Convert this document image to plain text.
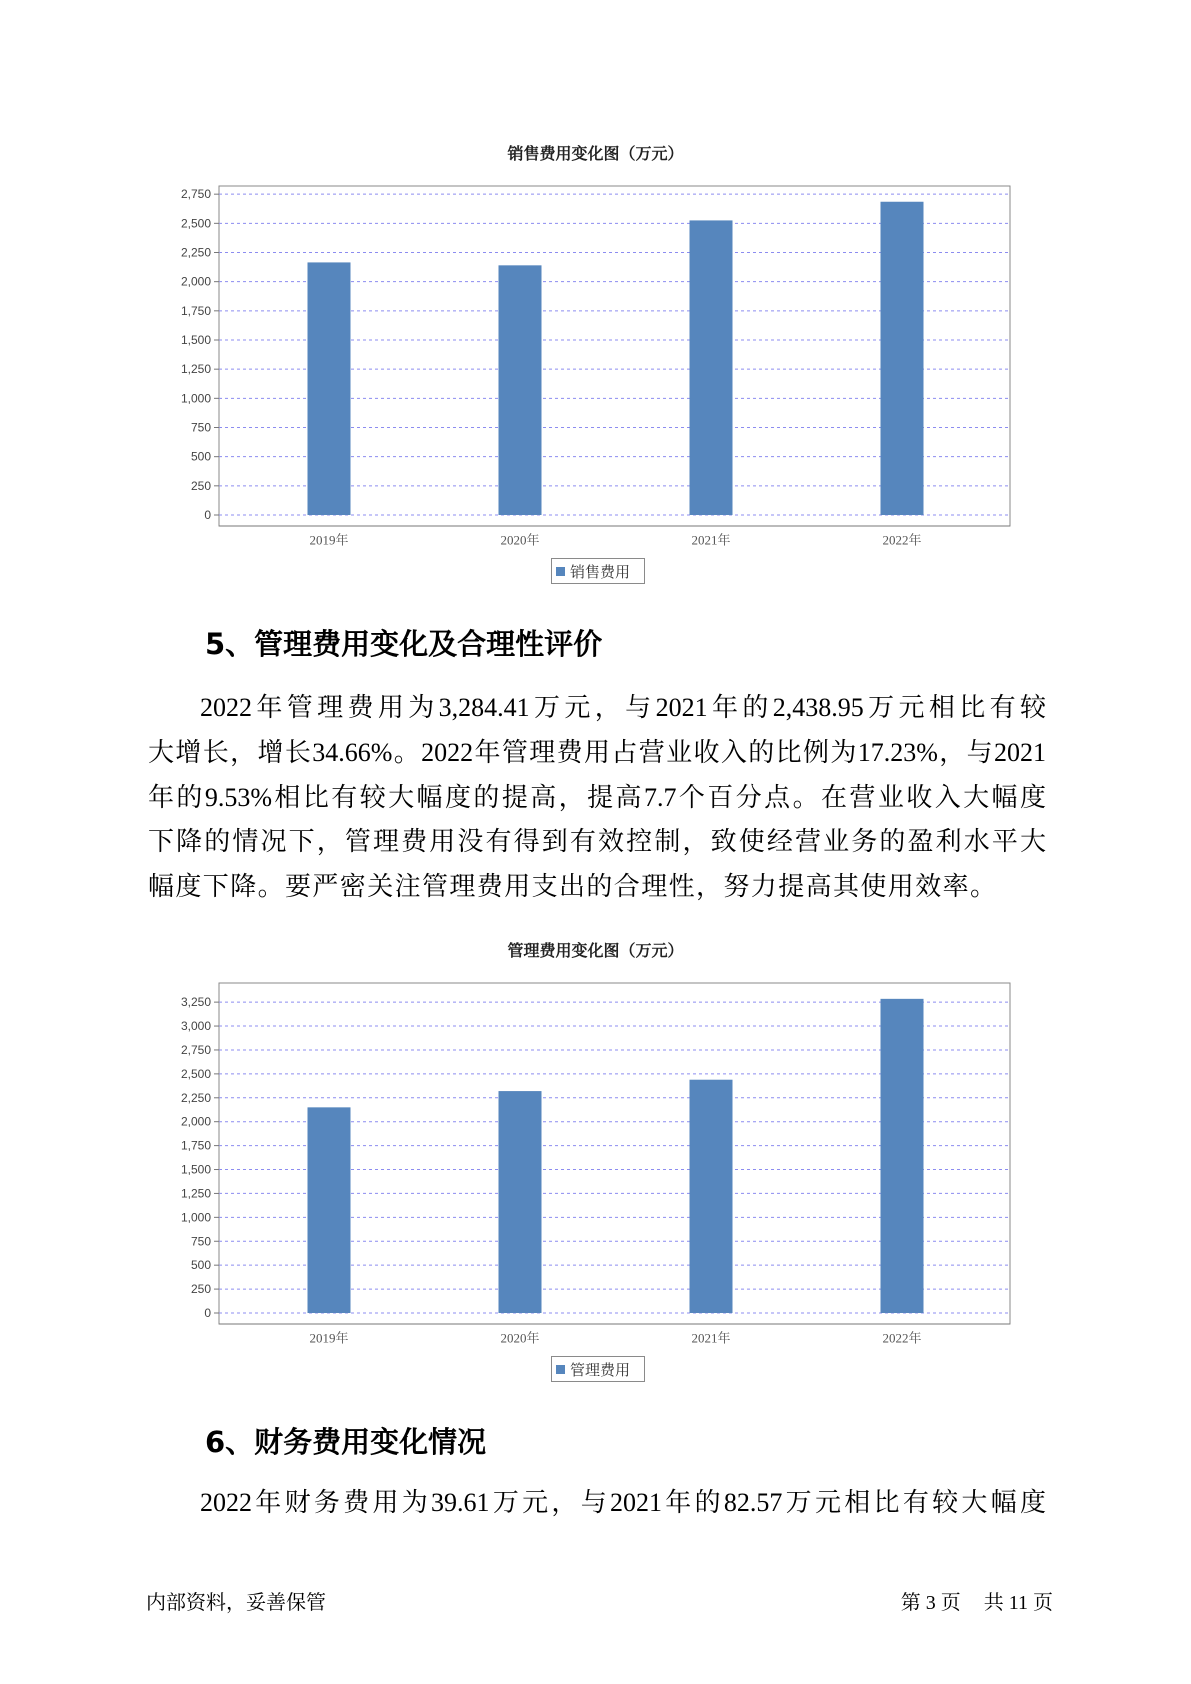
销售费用变化图（万元）
0
250
500
750
1,000
1,250
1,500
1,750
2,000
2,250
2,500
2,750
2019年	2020年	2021年	2022年
销售费用
5、管理费用变化及合理性评价
2022年管理费用为3,284.41万元，与2021年的2,438.95万元相比有较
大增长，增长34.66%。2022年管理费用占营业收入的比例为17.23%，与2021
年的9.53%相比有较大幅度的提高，提高7.7个百分点。在营业收入大幅度
下降的情况下，管理费用没有得到有效控制，致使经营业务的盈利水平大
幅度下降。要严密关注管理费用支出的合理性，努力提高其使用效率。
管理费用变化图（万元）
0
250
500
750
1,000
1,250
1,500
1,750
2,000
2,250
2,500
2,750
3,000
3,250
2019年	2020年	2021年	2022年
管理费用
6、财务费用变化情况
2022年财务费用为39.61万元，与2021年的82.57万元相比有较大幅度
内部资料，妥善保管	第 3 页 共 11 页
